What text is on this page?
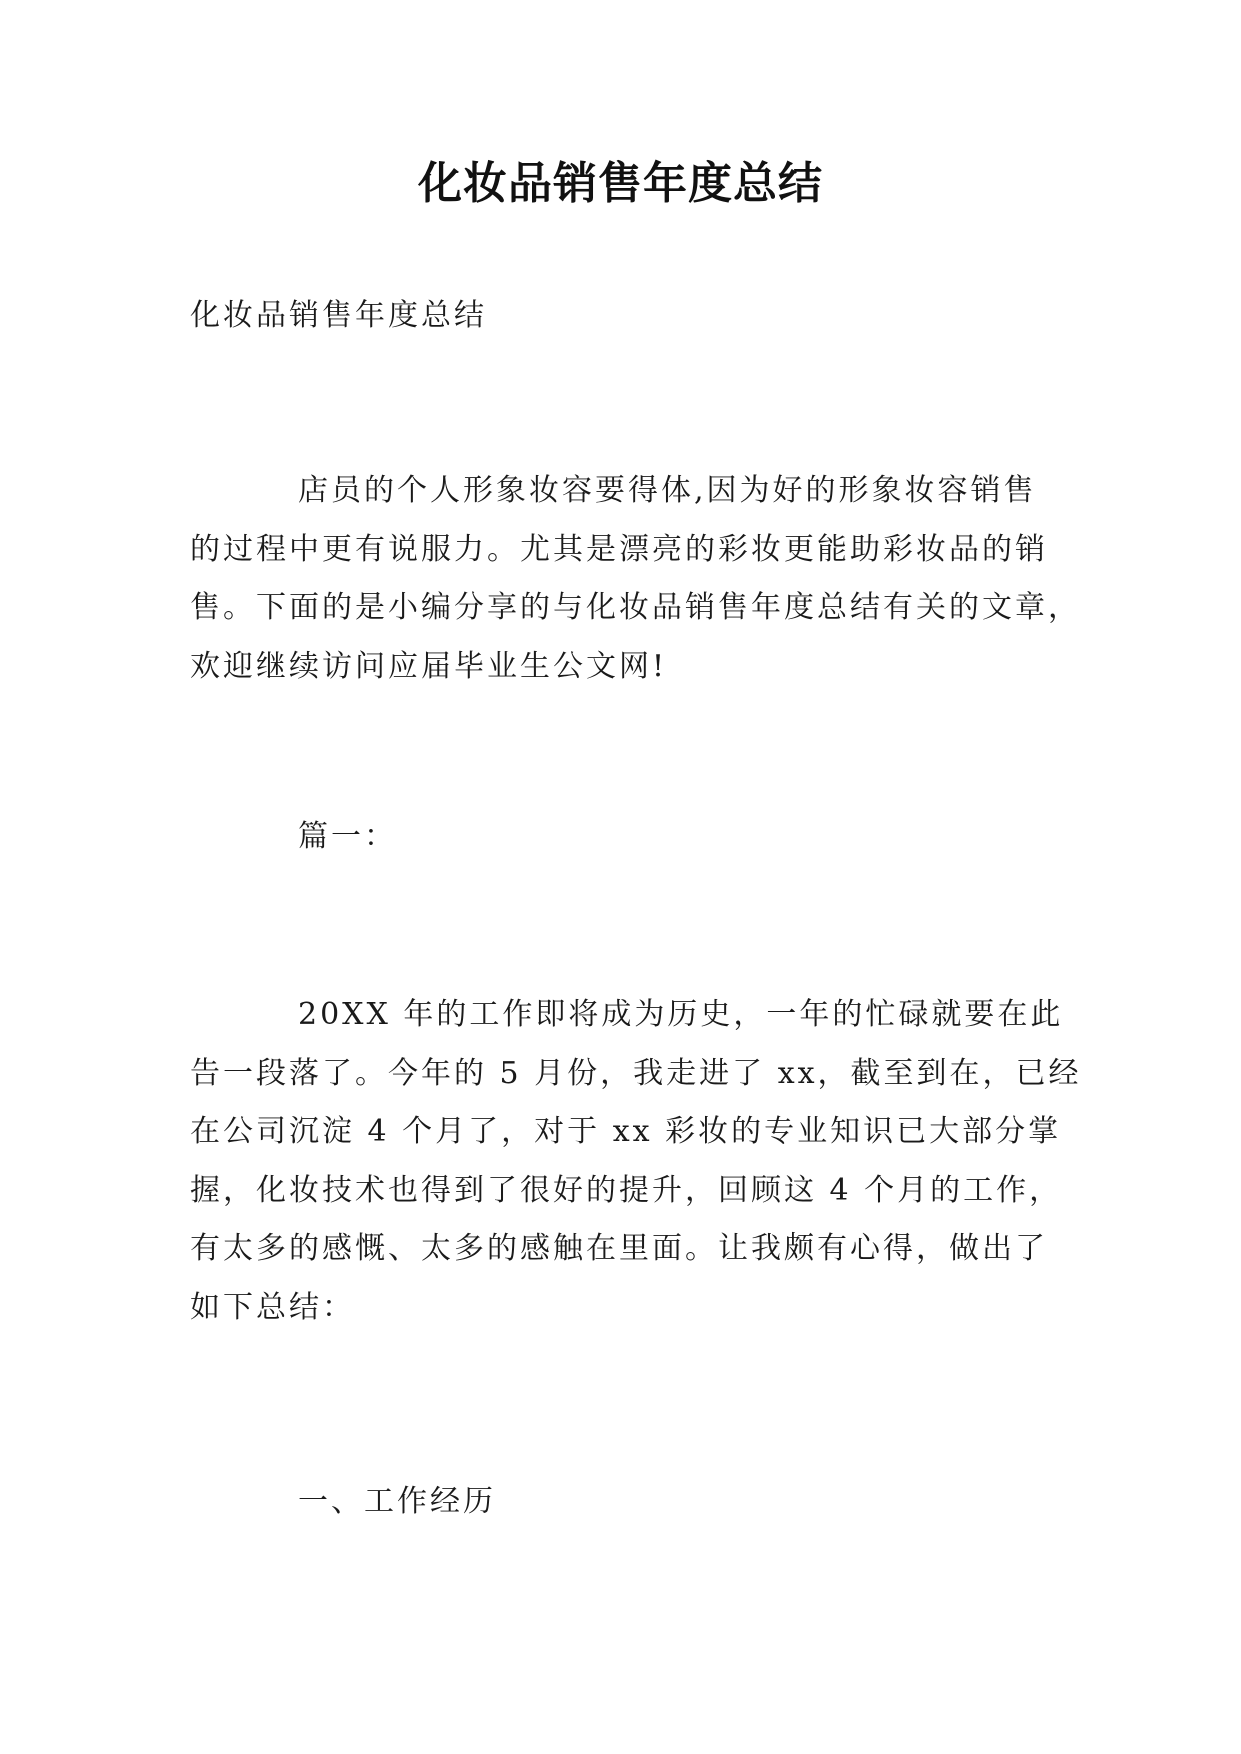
化妆品销售年度总结
化妆品销售年度总结
店员的个人形象妆容要得体,因为好的形象妆容销售
的过程中更有说服力。尤其是漂亮的彩妆更能助彩妆品的销
售。下面的是小编分享的与化妆品销售年度总结有关的文章，
欢迎继续访问应届毕业生公文网!
篇一：
20XX 年的工作即将成为历史，一年的忙碌就要在此
告一段落了。今年的 5 月份，我走进了 xx，截至到在，已经
在公司沉淀 4 个月了，对于 xx 彩妆的专业知识已大部分掌
握，化妆技术也得到了很好的提升，回顾这 4 个月的工作，
有太多的感慨、太多的感触在里面。让我颇有心得，做出了
如下总结：
一、工作经历
